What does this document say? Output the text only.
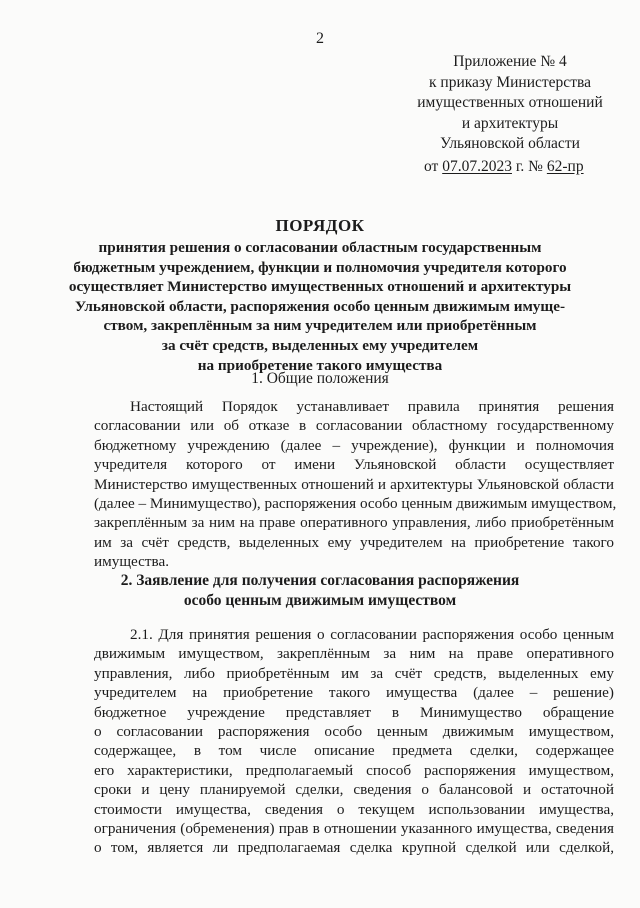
2
Приложение № 4
к приказу Министерства
имущественных отношений
и архитектуры
Ульяновской области
от 07.07.2023 г. № 62-пр
ПОРЯДОК
принятия решения о согласовании областным государственным
бюджетным учреждением, функции и полномочия учредителя которого
осуществляет Министерство имущественных отношений и архитектуры
Ульяновской области, распоряжения особо ценным движимым имуще-
ством, закреплённым за ним учредителем или приобретённым
за счёт средств, выделенных ему учредителем
на приобретение такого имущества
1. Общие положения
Настоящий Порядок устанавливает правила принятия решения
согласовании или об отказе в согласовании областному государственному
бюджетному учреждению (далее – учреждение), функции и полномочия
учредителя которого от имени Ульяновской области осуществляет
Министерство имущественных отношений и архитектуры Ульяновской области
(далее – Минимущество), распоряжения особо ценным движимым имуществом,
закреплённым за ним на праве оперативного управления, либо приобретённым
им за счёт средств, выделенных ему учредителем на приобретение такого
имущества.
2. Заявление для получения согласования распоряжения
особо ценным движимым имуществом
2.1. Для принятия решения о согласовании распоряжения особо ценным
движимым имуществом, закреплённым за ним на праве оперативного
управления, либо приобретённым им за счёт средств, выделенных ему
учредителем на приобретение такого имущества (далее – решение)
бюджетное учреждение представляет в Минимущество обращение
о согласовании распоряжения особо ценным движимым имуществом,
содержащее, в том числе описание предмета сделки, содержащее
его характеристики, предполагаемый способ распоряжения имуществом,
сроки и цену планируемой сделки, сведения о балансовой и остаточной
стоимости имущества, сведения о текущем использовании имущества,
ограничения (обременения) прав в отношении указанного имущества, сведения
о том, является ли предполагаемая сделка крупной сделкой или сделкой,
